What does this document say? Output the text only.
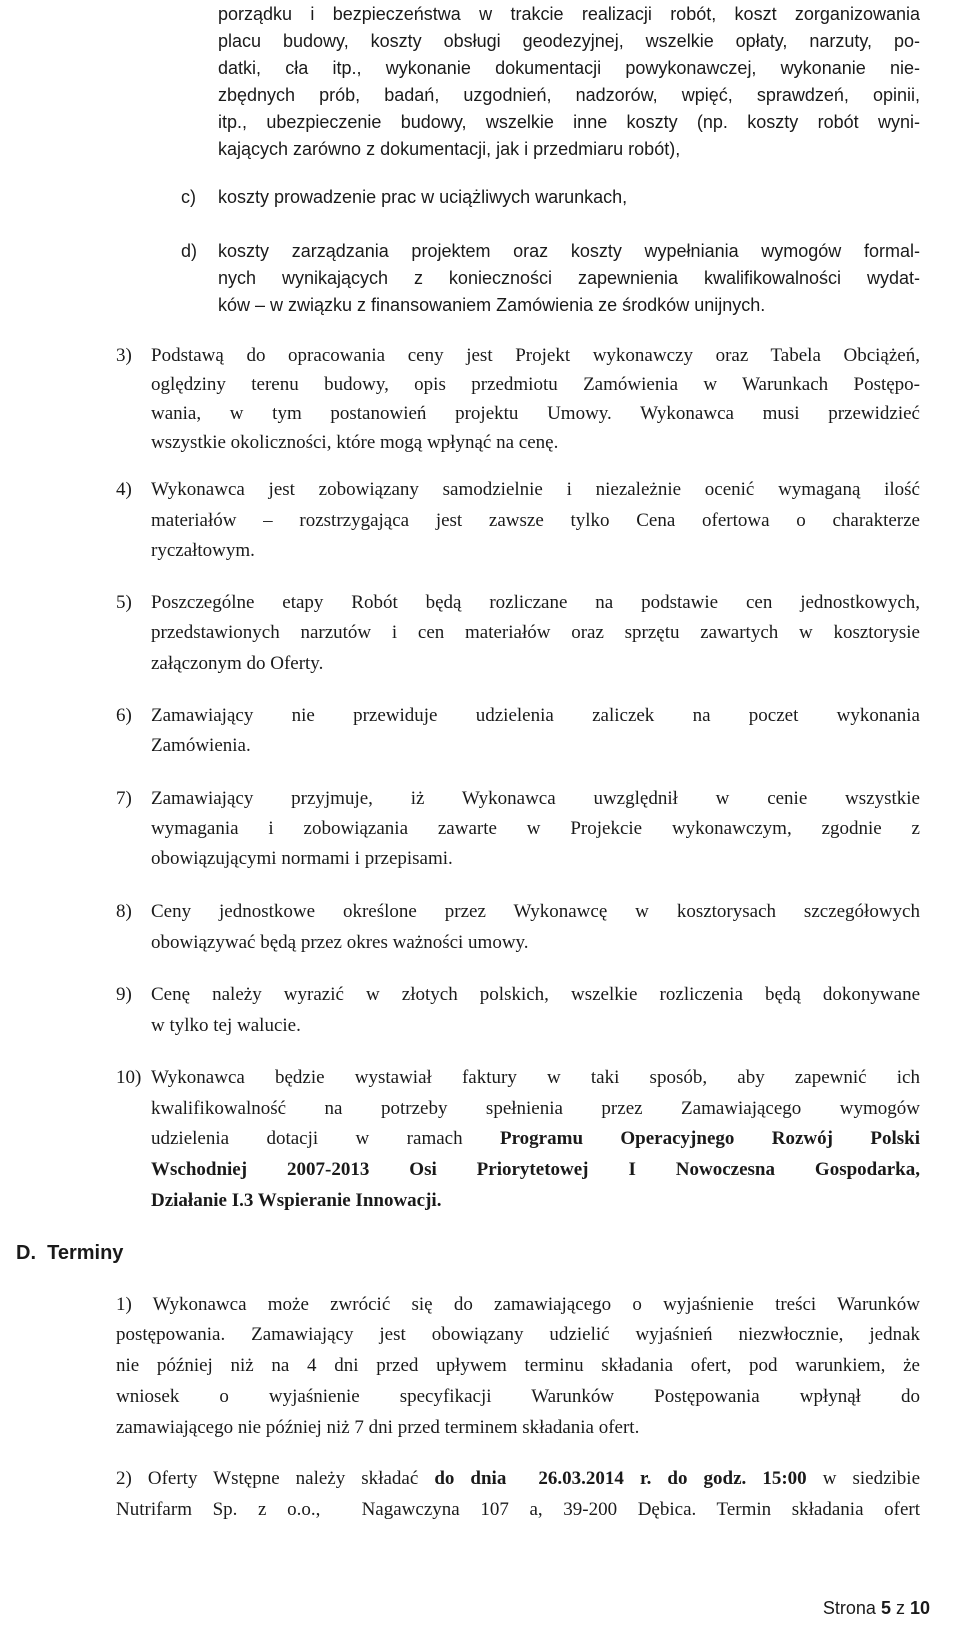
porządku i bezpieczeństwa w trakcie realizacji robót, koszt zorganizowania
placu budowy, koszty obsługi geodezyjnej, wszelkie opłaty, narzuty, po-
datki, cła itp., wykonanie dokumentacji powykonawczej, wykonanie nie-
zbędnych prób, badań, uzgodnień, nadzorów, wpięć, sprawdzeń, opinii,
itp., ubezpieczenie budowy, wszelkie inne koszty (np. koszty robót wyni-
kających zarówno z dokumentacji, jak i przedmiaru robót),
c) koszty prowadzenie prac w uciążliwych warunkach,
d) koszty zarządzania projektem oraz koszty wypełniania wymogów formal-
nych wynikających z konieczności zapewnienia kwalifikowalności wydat-
ków – w związku z finansowaniem Zamówienia ze środków unijnych.
3) Podstawą do opracowania ceny jest Projekt wykonawczy oraz Tabela Obciążeń,
oględziny terenu budowy, opis przedmiotu Zamówienia w Warunkach Postępo-
wania, w tym postanowień projektu Umowy. Wykonawca musi przewidzieć
wszystkie okoliczności, które mogą wpłynąć na cenę.
4) Wykonawca jest zobowiązany samodzielnie i niezależnie ocenić wymaganą ilość
materiałów – rozstrzygająca jest zawsze tylko Cena ofertowa o charakterze
ryczałtowym.
5) Poszczególne etapy Robót będą rozliczane na podstawie cen jednostkowych,
przedstawionych narzutów i cen materiałów oraz sprzętu zawartych w kosztorysie
załączonym do Oferty.
6) Zamawiający nie przewiduje udzielenia zaliczek na poczet wykonania
Zamówienia.
7) Zamawiający przyjmuje, iż Wykonawca uwzględnił w cenie wszystkie
wymagania i zobowiązania zawarte w Projekcie wykonawczym, zgodnie z
obowiązującymi normami i przepisami.
8) Ceny jednostkowe określone przez Wykonawcę w kosztorysach szczegółowych
obowiązywać będą przez okres ważności umowy.
9) Cenę należy wyrazić w złotych polskich, wszelkie rozliczenia będą dokonywane
w tylko tej walucie.
10) Wykonawca będzie wystawiał faktury w taki sposób, aby zapewnić ich
kwalifikowalność na potrzeby spełnienia przez Zamawiającego wymogów
udzielenia dotacji w ramach Programu Operacyjnego Rozwój Polski
Wschodniej 2007-2013 Osi Priorytetowej I Nowoczesna Gospodarka,
Działanie I.3 Wspieranie Innowacji.
D.  Terminy
1) Wykonawca może zwrócić się do zamawiającego o wyjaśnienie treści Warunków
postępowania. Zamawiający jest obowiązany udzielić wyjaśnień niezwłocznie, jednak
nie później niż na 4 dni przed upływem terminu składania ofert, pod warunkiem, że
wniosek o wyjaśnienie specyfikacji Warunków Postępowania wpłynął do
zamawiającego nie później niż 7 dni przed terminem składania ofert.
2) Oferty Wstępne należy składać do dnia  26.03.2014 r. do godz. 15:00 w siedzibie
Nutrifarm Sp. z o.o.,  Nagawczyna 107 a, 39-200 Dębica. Termin składania ofert
Strona 5 z 10
